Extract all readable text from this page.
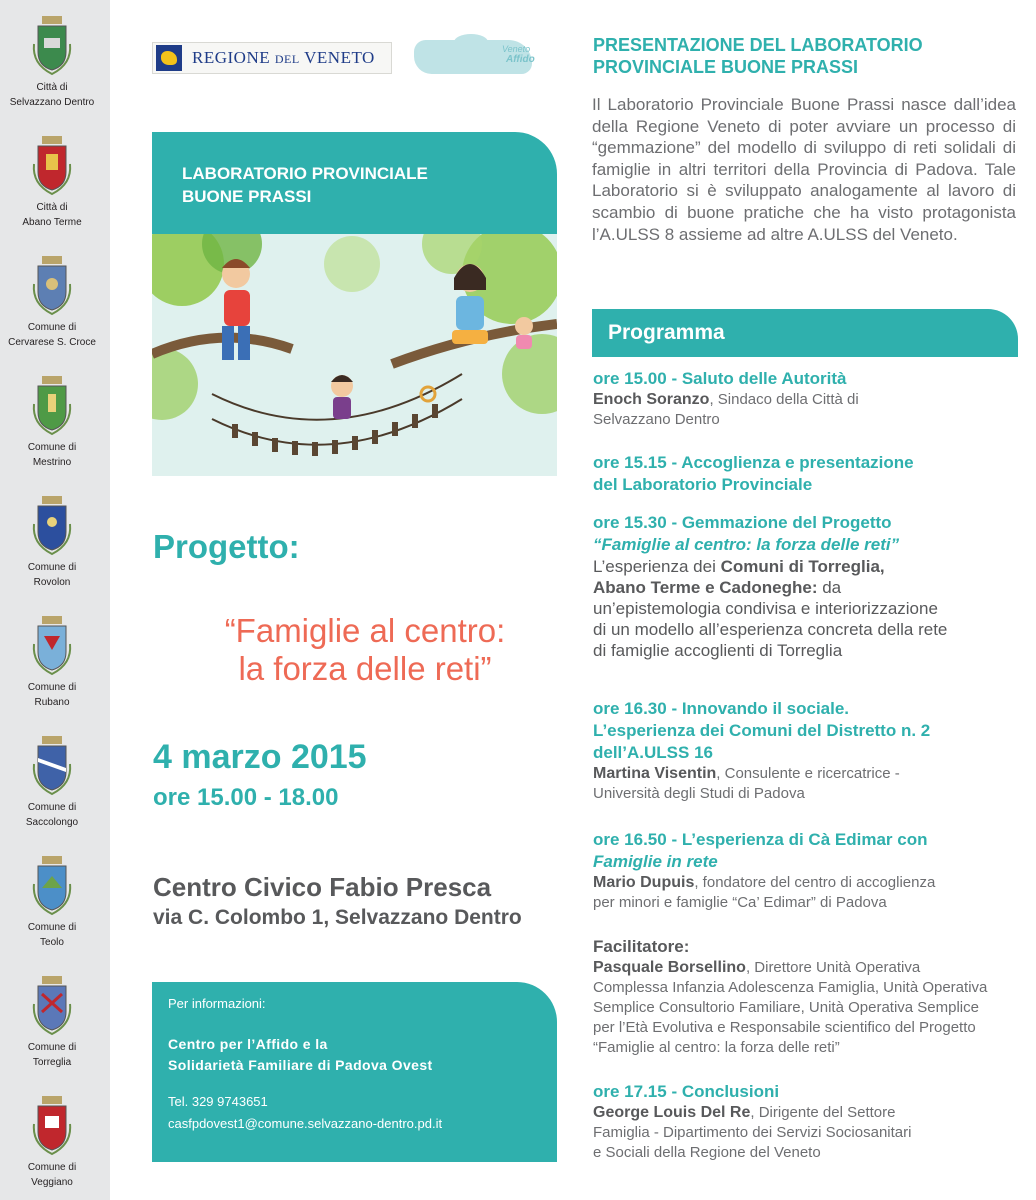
Città di
Selvazzano Dentro
Città di
Abano Terme
Comune di
Cervarese S. Croce
Comune di
Mestrino
Comune di
Rovolon
Comune di
Rubano
Comune di
Saccolongo
Comune di
Teolo
Comune di
Torreglia
Comune di
Veggiano
REGIONE DEL VENETO	Veneto
Affido
LABORATORIO PROVINCIALE
BUONE PRASSI
Progetto:
“Famiglie al centro:
la forza delle reti”
4 marzo 2015
ore 15.00 - 18.00
Centro Civico Fabio Presca
via C. Colombo 1, Selvazzano Dentro
Per informazioni:
Centro per l’Affido e la
Solidarietà Familiare di Padova Ovest
Tel. 329 9743651
casfpdovest1@comune.selvazzano-dentro.pd.it
PRESENTAZIONE DEL LABORATORIO
PROVINCIALE BUONE PRASSI
Il Laboratorio Provinciale Buone Prassi nasce dall’idea della Regione Veneto di poter avviare un processo di “gemmazione” del modello di sviluppo di reti solidali di famiglie in altri territori della Provincia di Padova. Tale Laboratorio si è sviluppato analogamente al lavoro di scambio di buone pratiche che ha visto protagonista l’A.ULSS 8 assieme ad altre A.ULSS del Veneto.
Programma
ore 15.00 - Saluto delle Autorità
Enoch Soranzo, Sindaco della Città di
Selvazzano Dentro
ore 15.15 - Accoglienza e presentazione
del Laboratorio Provinciale
ore 15.30 - Gemmazione del Progetto
“Famiglie al centro: la forza delle reti”
L’esperienza dei Comuni di Torreglia,
Abano Terme e Cadoneghe: da
un’epistemologia condivisa e interiorizzazione
di un modello all’esperienza concreta della rete
di famiglie accoglienti di Torreglia
ore 16.30 - Innovando il sociale.
L’esperienza dei Comuni del Distretto n. 2
dell’A.ULSS 16
Martina Visentin, Consulente e ricercatrice -
Università degli Studi di Padova
ore 16.50 - L’esperienza di Cà Edimar con
Famiglie in rete
Mario Dupuis, fondatore del centro di accoglienza
per minori e famiglie “Ca’ Edimar” di Padova
Facilitatore:
Pasquale Borsellino, Direttore Unità Operativa
Complessa Infanzia Adolescenza Famiglia, Unità Operativa
Semplice Consultorio Familiare, Unità Operativa Semplice
per l’Età Evolutiva e Responsabile scientifico del Progetto
“Famiglie al centro: la forza delle reti”
ore 17.15 - Conclusioni
George Louis Del Re, Dirigente del Settore
Famiglia - Dipartimento dei Servizi Sociosanitari
e Sociali della Regione del Veneto
